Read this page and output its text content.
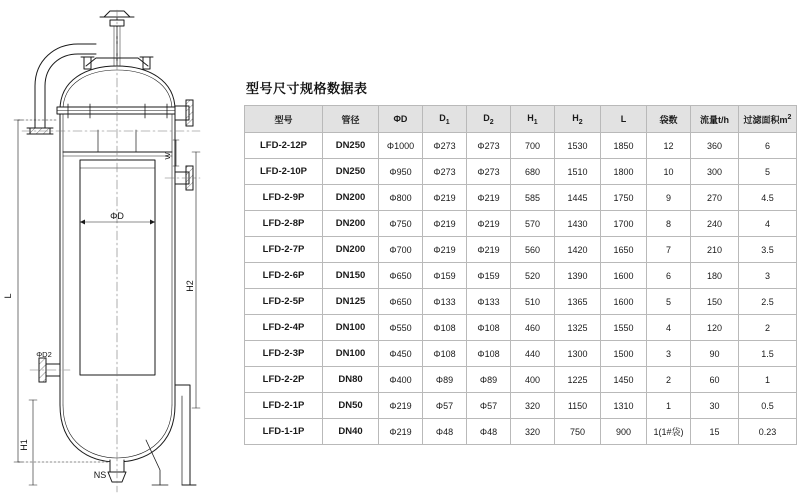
L
H2
H1
ΦD
W
ΦD2
NS
型号尺寸规格数据表
型号	管径	ΦD	$D_1$	$D_2$	$H_1$	$H_2$	L	袋数	流量t/h	过滤面积$m^2$
LFD-2-12P	DN250	Φ1000	Φ273	Φ273	700	1530	1850	12	360	6
LFD-2-10P	DN250	Φ950	Φ273	Φ273	680	1510	1800	10	300	5
LFD-2-9P	DN200	Φ800	Φ219	Φ219	585	1445	1750	9	270	4.5
LFD-2-8P	DN200	Φ750	Φ219	Φ219	570	1430	1700	8	240	4
LFD-2-7P	DN200	Φ700	Φ219	Φ219	560	1420	1650	7	210	3.5
LFD-2-6P	DN150	Φ650	Φ159	Φ159	520	1390	1600	6	180	3
LFD-2-5P	DN125	Φ650	Φ133	Φ133	510	1365	1600	5	150	2.5
LFD-2-4P	DN100	Φ550	Φ108	Φ108	460	1325	1550	4	120	2
LFD-2-3P	DN100	Φ450	Φ108	Φ108	440	1300	1500	3	90	1.5
LFD-2-2P	DN80	Φ400	Φ89	Φ89	400	1225	1450	2	60	1
LFD-2-1P	DN50	Φ219	Φ57	Φ57	320	1150	1310	1	30	0.5
LFD-1-1P	DN40	Φ219	Φ48	Φ48	320	750	900	1(1#袋)	15	0.23
